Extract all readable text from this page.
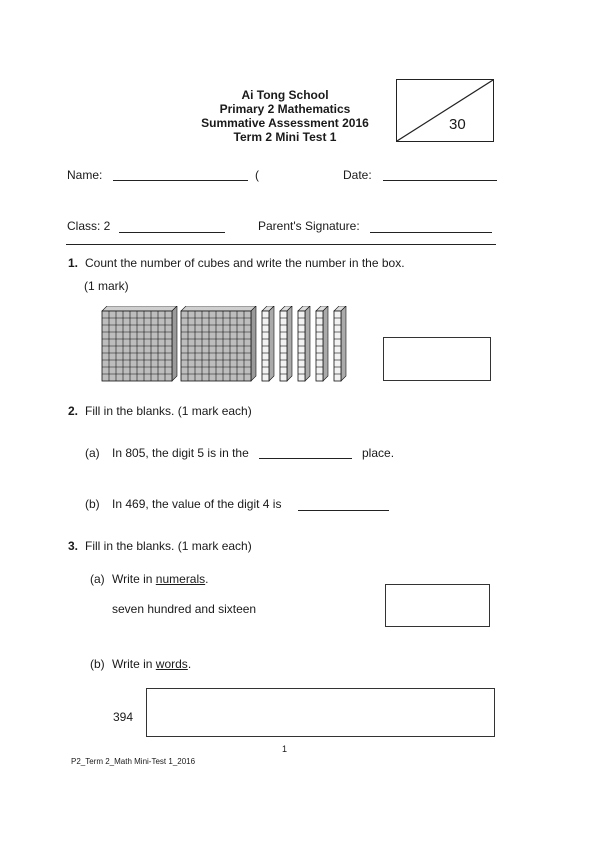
Ai Tong School
Primary 2 Mathematics
Summative Assessment 2016
Term 2 Mini Test 1
30
Name:	(	Date:
Class: 2	Parent's Signature:
1. Count the number of cubes and write the number in the box.
(1 mark)
2. Fill in the blanks. (1 mark each)
(a) In 805, the digit 5 is in the	place.
(b) In 469, the value of the digit 4 is
3. Fill in the blanks. (1 mark each)
(a) Write in numerals.
seven hundred and sixteen
(b) Write in words.
394
1
P2_Term 2_Math Mini-Test 1_2016
